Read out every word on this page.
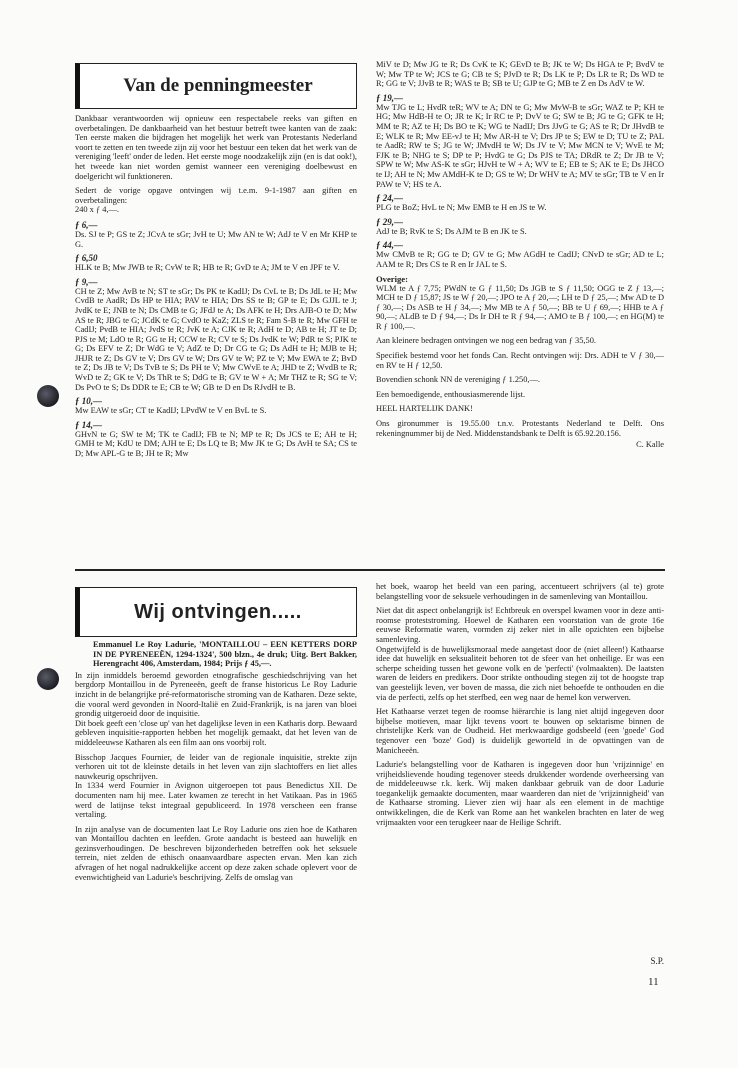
Van de penningmeester

Dankbaar verantwoorden wij opnieuw een respectabele reeks van giften en overbetalingen. De dankbaarheid van het bestuur betreft twee kanten van de zaak: Ten eerste maken die bijdragen het mogelijk het werk van Protestants Nederland voort te zetten en ten tweede zijn zij voor het bestuur een teken dat het werk van de vereniging 'leeft' onder de leden. Het eerste moge noodzakelijk zijn (en is dat ook!), het tweede kan niet worden gemist wanneer een vereniging doelbewust en doelgericht wil funktioneren.

Sedert de vorige opgave ontvingen wij t.e.m. 9-1-1987 aan giften en overbetalingen:

240 x ƒ 4,—.

ƒ 6,—

Ds. SJ te P; GS te Z; JCvA te sGr; JvH te U; Mw AN te W; AdJ te V en Mr KHP te G.

ƒ 6,50

HLK te B; Mw JWB te R; CvW te R; HB te R; GvD te A; JM te V en JPF te V.

ƒ 9,—

CH te Z; Mw AvB te N; ST te sGr; Ds PK te KadIJ; Ds CvL te B; Ds JdL te H; Mw CvdB te AadR; Ds HP te HIA; PAV te HIA; Drs SS te B; GP te E; Ds GJJL te J; JvdK te E; JNB te N; Ds CMB te G; JFdJ te A; Ds AFK te H; Drs AJB-O te D; Mw AS te R; JBG te G; JCdK te G; CvdO te KaZ; ZLS te R; Fam S-B te R; Mw GFH te CadIJ; PvdB te HIA; JvdS te R; JvK te A; CJK te R; AdH te D; AB te H; JT te D; PJS te M; LdO te R; GG te H; CCW te R; CV te S; Ds JvdK te W; PdR te S; PJK te G; Ds EFV te Z; Dr WdG te V; AdZ te D; Dr CG te G; Ds AdH te H; MJB te H; JHJR te Z; Ds GV te V; Drs GV te W; Drs GV te W; PZ te V; Mw EWA te Z; BvD te Z; Ds JB te V; Ds TvB te S; Ds PH te V; Mw CWvE te A; JHD te Z; WvdB te R; WvD te Z; GK te V; Ds ThR te S; DdG te B; GV te W + A; Mr THZ te R; SG te V; Ds PvO te S; Ds DDR te E; CB te W; GB te D en Ds RJvdH te B.

ƒ 10,—

Mw EAW te sGr; CT te KadIJ; LPvdW te V en BvL te S.

ƒ 14,—

GHvN te G; SW te M; TK te CadIJ; FB te N; MP te R; Ds JCS te E; AH te H; GMH te M; KdU te DM; AJH te E; Ds LQ te B; Mw JK te G; Ds AvH te SA; CS te D; Mw APL-G te B; JH te R; Mw

MiV te D; Mw JG te R; Ds CvK te K; GEvD te B; JK te W; Ds HGA te P; BvdV te W; Mw TP te W; JCS te G; CB te S; PJvD te R; Ds LK te P; Ds LR te R; Ds WD te R; GG te V; JJvB te R; WAS te B; SB te U; GJP te G; MB te Z en Ds AdV te W.

ƒ 19,—

Mw TJG te L; HvdR teR; WV te A; DN te G; Mw MvW-B te sGr; WAZ te P; KH te HG; Mw HdB-H te O; JR te K; Ir RC te P; DvV te G; SW te B; JG te G; GFK te H; MM te R; AZ te H; Ds BO te K; WG te NadIJ; Drs JJvG te G; AS te R; Dr JHvdB te E; WLK te R; Mw EE-vJ te H; Mw AR-H te V; Drs JP te S; EW te D; TU te Z; PAL te AadR; RW te S; JG te W; JMvdH te W; Ds JV te V; Mw MCN te V; WvE te M; FJK te B; NHG te S; DP te P; HvdG te G; Ds PJS te TA; DRdR te Z; Dr JB te V; SPW te W; Mw AS-K te sGr; HJvH te W + A; WV te E; EB te S; AK te E; Ds JHCO te IJ; AH te N; Mw AMdH-K te D; GS te W; Dr WHV te A; MV te sGr; TB te V en Ir PAW te V; HS te A.

ƒ 24,—

PLG te BoZ; HvL te N; Mw EMB te H en JS te W.

ƒ 29,—

AdJ te B; RvK te S; Ds AJM te B en JK te S.

ƒ 44,—

Mw CMvB te R; GG te D; GV te G; Mw AGdH te CadIJ; CNvD te sGr; AD te L; AAM te R; Drs CS te R en Ir JAL te S.

Overige:

WLM te A ƒ 7,75; PWdN te G ƒ 11,50; Ds JGB te S ƒ 11,50; OGG te Z ƒ 13,—; MCH te D ƒ 15,87; JS te W ƒ 20,—; JPO te A ƒ 20,—; LH te D ƒ 25,—; Mw AD te D ƒ 30,—; Ds ASB te H ƒ 34,—; Mw MB te A ƒ 50,—; BB te U ƒ 69,—; HHB te A ƒ 90,—; ALdB te D ƒ 94,—; Ds Ir DH te R ƒ 94,—; AMO te B ƒ 100,—; en HG(M) te R ƒ 100,—.

Aan kleinere bedragen ontvingen we nog een bedrag van ƒ 35,50.

Specifiek bestemd voor het fonds Can. Recht ontvingen wij: Drs. ADH te V ƒ 30,— en RV te H ƒ 12,50.

Bovendien schonk NN de vereniging ƒ 1.250,—.

Een bemoedigende, enthousiasmerende lijst.

HEEL HARTELIJK DANK!

Ons gironummer is 19.55.00 t.n.v. Protestants Nederland te Delft. Ons rekeningnummer bij de Ned. Middenstandsbank te Delft is 65.92.20.156.

C. Kalle

Wij ontvingen.....

Emmanuel Le Roy Ladurie, 'MONTAILLOU – EEN KETTERS DORP IN DE PYRENEEËN, 1294-1324', 500 blzn., 4e druk; Uitg. Bert Bakker, Herengracht 406, Amsterdam, 1984; Prijs ƒ 45,—.

In zijn inmiddels beroemd geworden etnografische geschiedschrijving van het bergdorp Montaillou in de Pyreneeën, geeft de franse historicus Le Roy Ladurie inzicht in de belangrijke pré-reformatorische stroming van de Katharen. Deze sekte, die vooral werd gevonden in Noord-Italië en Zuid-Frankrijk, is na jaren van bloei grondig uitgeroeid door de inquisitie.

Dit boek geeft een 'close up' van het dagelijkse leven in een Katharis dorp. Bewaard gebleven inquisitie-rapporten hebben het mogelijk gemaakt, dat het leven van de middeleeuwse Katharen als een film aan ons voorbij rolt.

Bisschop Jacques Fournier, de leider van de regionale inquisitie, strekte zijn verhoren uit tot de kleinste details in het leven van zijn slachtoffers en liet alles nauwkeurig opschrijven.

In 1334 werd Fournier in Avignon uitgeroepen tot paus Benedictus XII. De documenten nam hij mee. Later kwamen ze terecht in het Vatikaan. Pas in 1965 werd de latijnse tekst integraal gepubliceerd. In 1978 verscheen een franse vertaling.

In zijn analyse van de documenten laat Le Roy Ladurie ons zien hoe de Katharen van Montaillou dachten en leefden. Grote aandacht is besteed aan huwelijk en gezinsverhoudingen. De beschreven bijzonderheden betreffen ook het seksuele terrein, niet zelden de ethisch onaanvaardbare aspecten ervan. Men kan zich afvragen of het nogal nadrukkelijke accent op deze zaken schade oplevert voor de evenwichtigheid van Ladurie's beschrijving. Zelfs de omslag van

het boek, waarop het beeld van een paring, accentueert schrijvers (al te) grote belangstelling voor de seksuele verhoudingen in de samenleving van Montaillou.

Niet dat dit aspect onbelangrijk is! Echtbreuk en overspel kwamen voor in deze anti-roomse proteststroming. Hoewel de Katharen een voorstation van de grote 16e eeuwse Reformatie waren, vormden zij zeker niet in alle opzichten een bijbelse samenleving.

Ongetwijfeld is de huwelijksmoraal mede aangetast door de (niet alleen!) Kathaarse idee dat huwelijk en seksualiteit behoren tot de sfeer van het onheilige. Er was een scherpe scheiding tussen het gewone volk en de 'perfecti' (volmaakten). De laatsten waren de leiders en predikers. Door strikte onthouding stegen zij tot de hoogste trap van geestelijk leven, ver boven de massa, die zich niet behoefde te onthouden en die via de perfecti, zelfs op het sterfbed, een weg naar de hemel kon verwerven.

Het Kathaarse verzet tegen de roomse hiërarchie is lang niet altijd ingegeven door bijbelse motieven, maar lijkt tevens voort te bouwen op sektarisme binnen de christelijke Kerk van de Oudheid. Het merkwaardige godsbeeld (een 'goede' God tegenover een 'boze' God) is duidelijk geworteld in de opvattingen van de Manicheeën.

Ladurie's belangstelling voor de Katharen is ingegeven door hun 'vrijzinnige' en vrijheidslievende houding tegenover steeds drukkender wordende overheersing van de middeleeuwse r.k. kerk. Wij maken dankbaar gebruik van de door Ladurie toegankelijk gemaakte documenten, maar waarderen dan niet de 'vrijzinnigheid' van de Kathaarse stroming. Liever zien wij haar als een element in de machtige ontwikkelingen, die de Kerk van Rome aan het wankelen brachten en later de weg vrijmaakten voor een terugkeer naar de Heilige Schrift.

S.P.
11
